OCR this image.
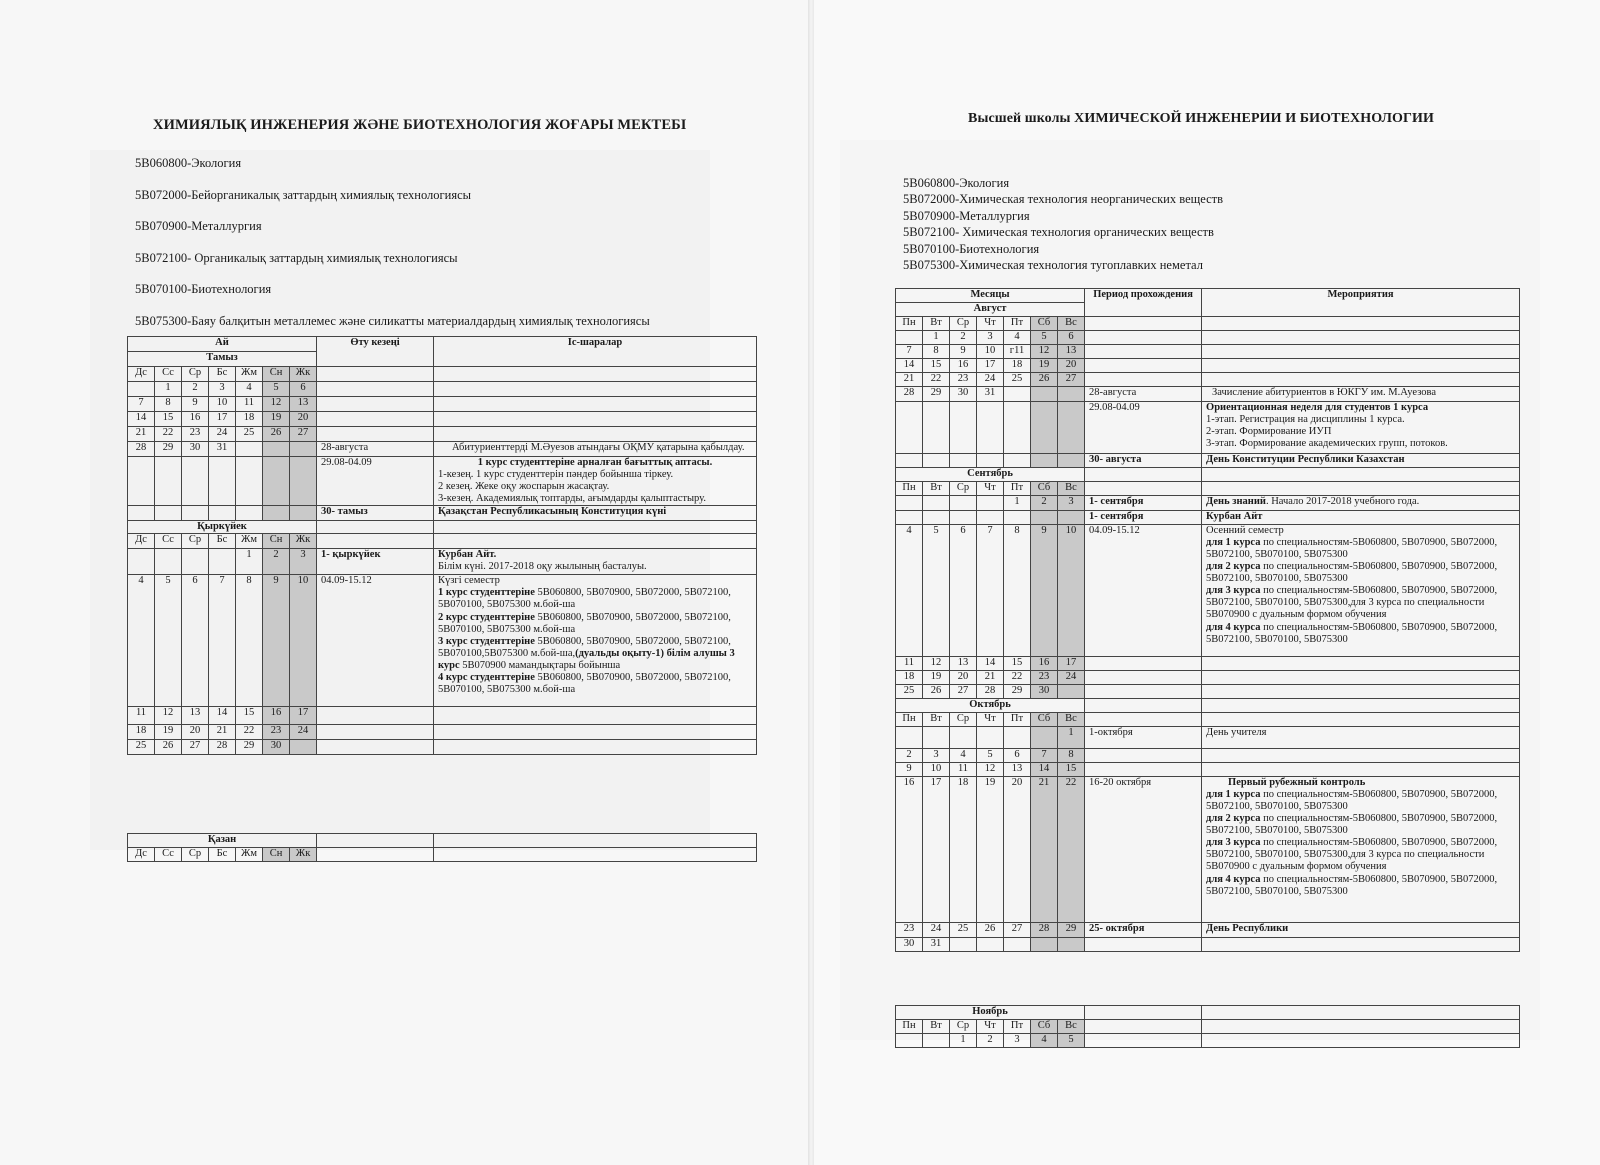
ХИМИЯЛЫҚ ИНЖЕНЕРИЯ ЖӘНЕ БИОТЕХНОЛОГИЯ ЖОҒАРЫ МЕКТЕБІ
5В060800-Экология
5В072000-Бейорганикалық заттардың химиялық технологиясы
5В070900-Металлургия
5В072100- Органикалық заттардың химиялық технологиясы
5В070100-Биотехнология
5В075300-Баяу балқитын металлемес және силикатты материалдардың химиялық технологиясы
Ай							Өту кезеңі	Іс-шаралар
Тамыз								
Дс	Сс	Ср	Бс	Жм	Сн	Жк		
	1	2	3	4	5	6		
7	8	9	10	11	12	13		
14	15	16	17	18	19	20		
21	22	23	24	25	26	27		
28	29	30	31				28-августа	Абитуриенттерді М.Әуезов атындағы ОҚМУ қатарына қабылдау.
							29.08-04.09	1 курс студенттеріне арналған бағыттық аптасы.
1-кезең. 1 курс студенттерін пәндер бойынша тіркеу.
2 кезең. Жеке оқу жоспарын жасақтау.
3-кезең. Академиялық топтарды, ағымдарды қалыптастыру.

							30- тамыз	Қазақстан Республикасының Конституция күні
Қыркүйек								
Дс	Сс	Ср	Бс	Жм	Сн	Жк		
				1	2	3	1- қыркүйек	Курбан Айт.
Білім күні. 2017-2018 оқу жылының басталуы.

4	5	6	7	8	9	10	04.09-15.12	Күзгі семестр
1 курс студенттеріне 5В060800, 5В070900, 5В072000, 5В072100, 5В070100, 5В075300 м.бой-ша
2 курс студенттеріне 5В060800, 5В070900, 5В072000, 5В072100, 5В070100, 5В075300 м.бой-ша
3 курс студенттеріне 5В060800, 5В070900, 5В072000, 5В072100, 5В070100,5В075300 м.бой-ша,(дуальды оқыту-1) білім алушы 3 курс 5В070900 мамандықтары бойынша
4 курс студенттеріне 5В060800, 5В070900, 5В072000, 5В072100, 5В070100, 5В075300 м.бой-ша

11	12	13	14	15	16	17		
18	19	20	21	22	23	24		
25	26	27	28	29	30			
Қазан								
Дс	Сс	Ср	Бс	Жм	Сн	Жк		
Высшей школы ХИМИЧЕСКОЙ ИНЖЕНЕРИИ И БИОТЕХНОЛОГИИ
5В060800-Экология
5В072000-Химическая технология неорганических веществ
5В070900-Металлургия
5В072100- Химическая технология органических веществ
5В070100-Биотехнология
5В075300-Химическая технология тугоплавких неметал
Месяцы							Период прохождения	Мероприятия
Август								
Пн	Вт	Ср	Чт	Пт	Сб	Вс		
	1	2	3	4	5	6		
7	8	9	10	г11	12	13		
14	15	16	17	18	19	20		
21	22	23	24	25	26	27		
28	29	30	31				28-августа	Зачисление абитуриентов в ЮКГУ им. М.Ауезова
							29.08-04.09	Ориентационная неделя для студентов 1 курса
1-этап. Регистрация на дисциплины 1 курса.
2-этап. Формирование ИУП
3-этап. Формирование академических групп, потоков.

							30- августа	День Конституции Республики Казахстан
Сентябрь								
Пн	Вт	Ср	Чт	Пт	Сб	Вс		
				1	2	3	1- сентября	День знаний. Начало 2017-2018 учебного года.
							1- сентября	Курбан Айт
4	5	6	7	8	9	10	04.09-15.12	Осенний семестр
для 1 курса по специальностям-5В060800, 5В070900, 5В072000, 5В072100, 5В070100, 5В075300
для 2 курса по специальностям-5В060800, 5В070900, 5В072000, 5В072100, 5В070100, 5В075300
для 3 курса по специальностям-5В060800, 5В070900, 5В072000, 5В072100, 5В070100, 5В075300,для 3 курса по специальности 5В070900 с дуальным формом обучения
для 4 курса по специальностям-5В060800, 5В070900, 5В072000, 5В072100, 5В070100, 5В075300

11	12	13	14	15	16	17		
18	19	20	21	22	23	24		
25	26	27	28	29	30			
Октябрь								
Пн	Вт	Ср	Чт	Пт	Сб	Вс		
						1	1-октября	День учителя
2	3	4	5	6	7	8		
9	10	11	12	13	14	15		
16	17	18	19	20	21	22	16-20 октября	Первый рубежный контроль
для 1 курса по специальностям-5В060800, 5В070900, 5В072000, 5В072100, 5В070100, 5В075300
для 2 курса по специальностям-5В060800, 5В070900, 5В072000, 5В072100, 5В070100, 5В075300
для 3 курса по специальностям-5В060800, 5В070900, 5В072000, 5В072100, 5В070100, 5В075300,для 3 курса по специальности 5В070900 с дуальным формом обучения
для 4 курса по специальностям-5В060800, 5В070900, 5В072000, 5В072100, 5В070100, 5В075300

23	24	25	26	27	28	29	25- октября	День Республики
30	31							
Ноябрь								
Пн	Вт	Ср	Чт	Пт	Сб	Вс		
		1	2	3	4	5		
